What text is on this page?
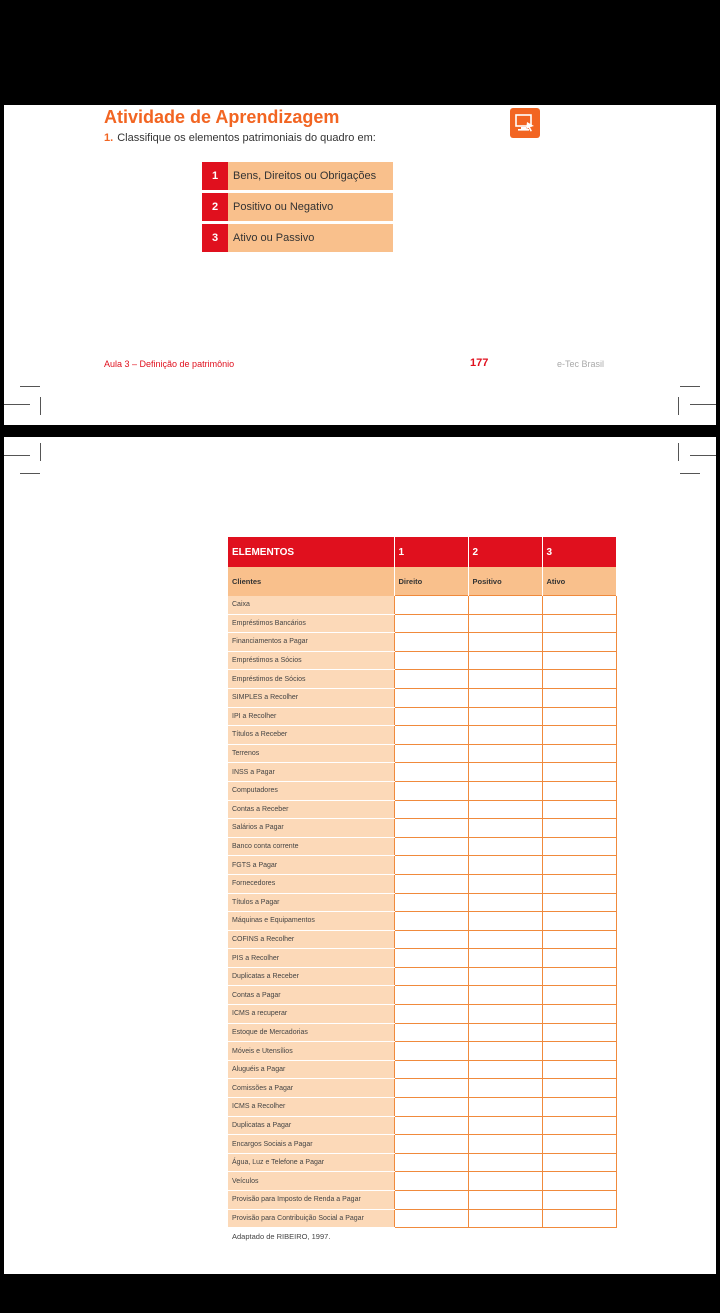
Atividade de Aprendizagem
1. Classifique os elementos patrimoniais do quadro em:
1	Bens, Direitos ou Obrigações
2	Positivo ou Negativo
3	Ativo ou Passivo
Aula 3 – Definição de patrimônio	177	e-Tec Brasil
ELEMENTOS	1	2	3
Clientes	Direito	Positivo	Ativo
Caixa			
Empréstimos Bancários			
Financiamentos a Pagar			
Empréstimos a Sócios			
Empréstimos de Sócios			
SIMPLES a Recolher			
IPI a Recolher			
Títulos a Receber			
Terrenos			
INSS a Pagar			
Computadores			
Contas a Receber			
Salários a Pagar			
Banco conta corrente			
FGTS a Pagar			
Fornecedores			
Títulos a Pagar			
Máquinas e Equipamentos			
COFINS a Recolher			
PIS a Recolher			
Duplicatas a Receber			
Contas a Pagar			
ICMS a recuperar			
Estoque de Mercadorias			
Móveis e Utensílios			
Aluguéis a Pagar			
Comissões a Pagar			
ICMS a Recolher			
Duplicatas a Pagar			
Encargos Sociais a Pagar			
Água, Luz e Telefone a Pagar			
Veículos			
Provisão para Imposto de Renda a Pagar			
Provisão para Contribuição Social a Pagar			
Adaptado de RIBEIRO, 1997.
